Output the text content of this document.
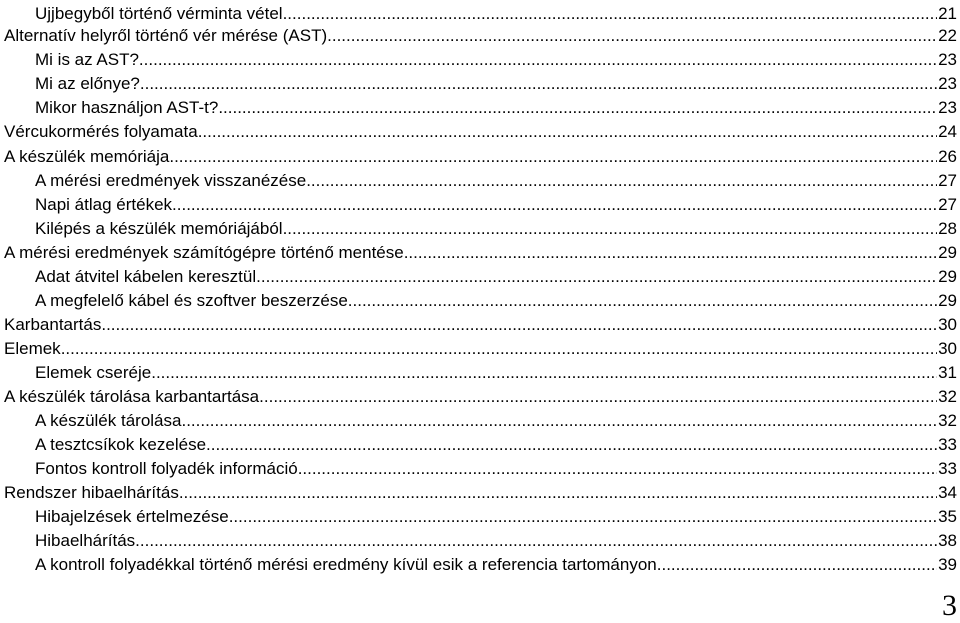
Ujjbegyből történő vérminta vétel .....	21
Alternatív helyről történő vér mérése (AST) .....	22
Mi is az AST? .....	23
Mi az előnye? .....	23
Mikor használjon AST-t? .....	23
Vércukormérés folyamata .....	24
A készülék memóriája .....	26
A mérési eredmények visszanézése .....	27
Napi átlag értékek .....	27
Kilépés a készülék memóriájából .....	28
A mérési eredmények számítógépre történő mentése .....	29
Adat átvitel kábelen keresztül .....	29
A megfelelő kábel és szoftver beszerzése .....	29
Karbantartás .....	30
Elemek .....	30
Elemek cseréje .....	31
A készülék tárolása karbantartása .....	32
A készülék tárolása .....	32
A tesztcsíkok kezelése .....	33
Fontos kontroll folyadék információ .....	33
Rendszer hibaelhárítás .....	34
Hibajelzések értelmezése .....	35
Hibaelhárítás .....	38
A kontroll folyadékkal történő mérési eredmény kívül esik a referencia tartományon .....	39
3
